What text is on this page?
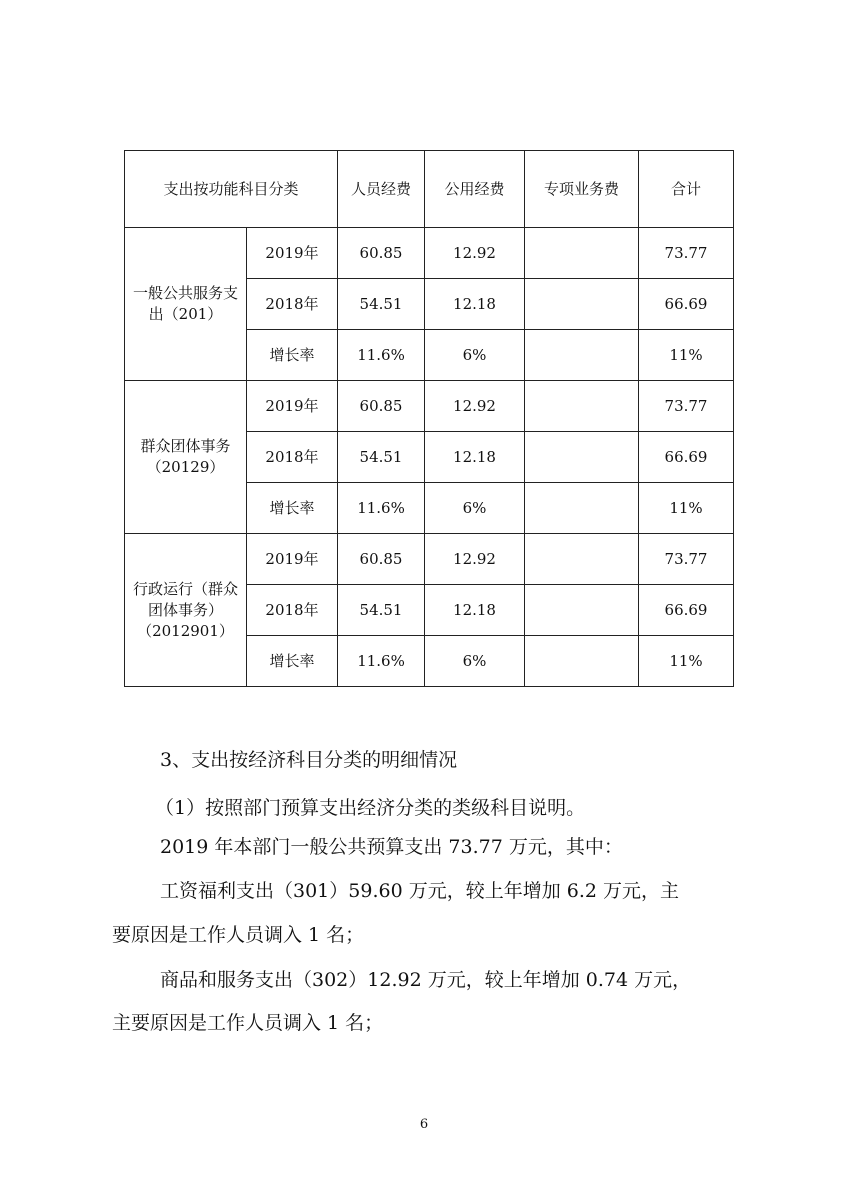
支出按功能科目分类		人员经费	公用经费	专项业务费	合计
一般公共服务支出（201）	2019年	60.85	12.92		73.77
	2018年	54.51	12.18		66.69
	增长率	11.6%	6%		11%
群众团体事务（20129）	2019年	60.85	12.92		73.77
	2018年	54.51	12.18		66.69
	增长率	11.6%	6%		11%
行政运行（群众团体事务）（2012901）	2019年	60.85	12.92		73.77
	2018年	54.51	12.18		66.69
	增长率	11.6%	6%		11%

3、支出按经济科目分类的明细情况

（1）按照部门预算支出经济分类的类级科目说明。

2019 年本部门一般公共预算支出 73.77 万元，其中：

工资福利支出（301）59.60 万元，较上年增加 6.2 万元，主

要原因是工作人员调入 1 名；

商品和服务支出（302）12.92 万元，较上年增加 0.74 万元，

主要原因是工作人员调入 1 名；

6
